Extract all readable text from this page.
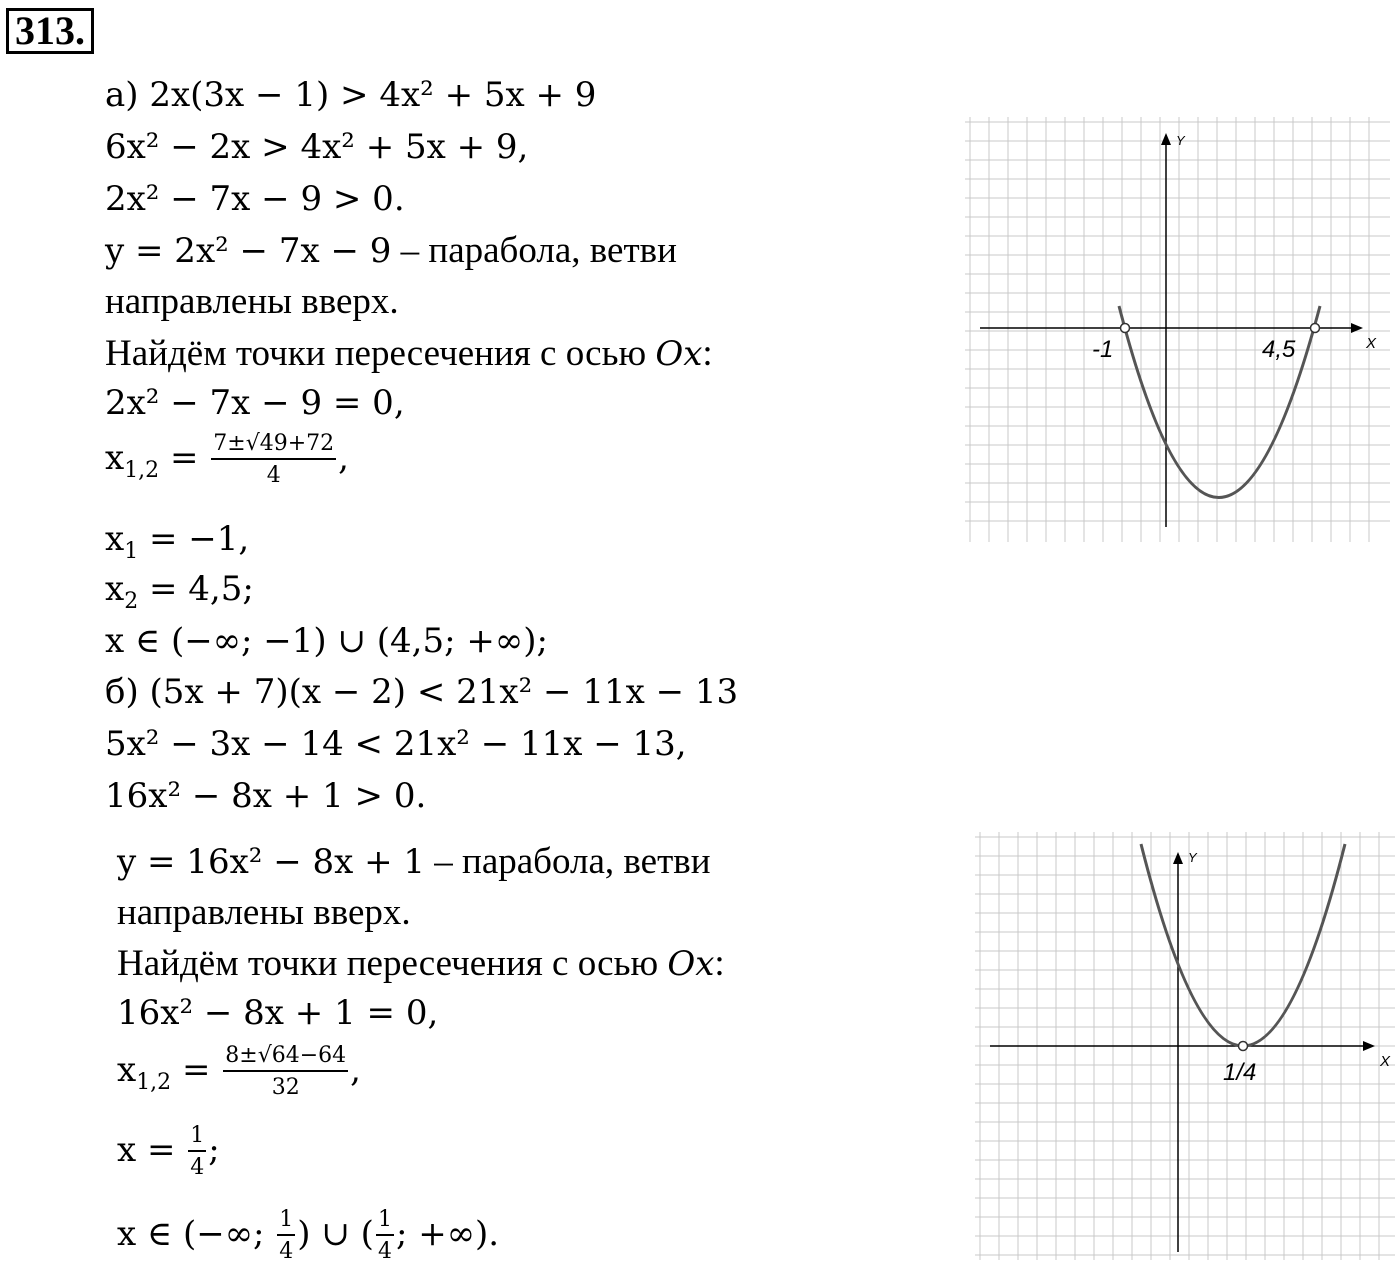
313.
а) 2x(3x − 1) > 4x² + 5x + 9
6x² − 2x > 4x² + 5x + 9,
2x² − 7x − 9 > 0.
y = 2x² − 7x − 9 – парабола, ветви
направлены вверх.
Найдём точки пересечения с осью Ox:
2x² − 7x − 9 = 0,
$x_{1,2} = \frac{7\pm√49+72}{4}$ ,
$x_1 = -1$,
$x_2 = 4,5$;
x ∈ (−∞; −1) ∪ (4,5; +∞);
б) (5x + 7)(x − 2) < 21x² − 11x − 13
5x² − 3x − 14 < 21x² − 11x − 13,
16x² − 8x + 1 > 0.
y = 16x² − 8x + 1 – парабола, ветви
направлены вверх.
Найдём точки пересечения с осью Ox:
16x² − 8x + 1 = 0,
$x_{1,2} = \frac{8\pm√64-64}{32}$ ,
$x = \frac{1}{4}$ ;
x ∈ (−∞; $\frac{1}{4}$ ) ∪ ( $\frac{1}{4}$ ; +∞).
Y
X
-1	4,5
Y
X
1/4
